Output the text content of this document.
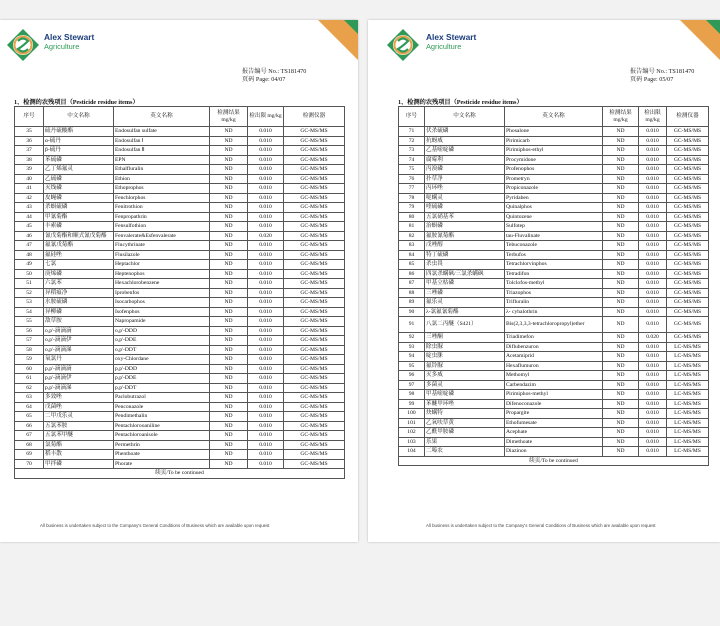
Alex Stewart
Agriculture
报告编号 No.: TS181470
页码 Page: 04/07
1、检测的农残项目（Pesticide residue items）
序号	中文名称	英文名称	检测结果 mg/kg	检出限 mg/kg	检测仪器
35	硫丹硫酸酯	Endosulfan sulfate	ND	0.010	GC-MS/MS
36	α-硫丹	Endosulfan Ⅰ	ND	0.010	GC-MS/MS
37	β-硫丹	Endosulfan Ⅱ	ND	0.010	GC-MS/MS
38	苯硫磷	EPN	ND	0.010	GC-MS/MS
39	乙丁烯氟灵	Ethalfluralin	ND	0.010	GC-MS/MS
40	乙硫磷	Ethion	ND	0.010	GC-MS/MS
41	灭线磷	Ethoprophos	ND	0.010	GC-MS/MS
42	皮蝇磷	Fenchlorphos	ND	0.010	GC-MS/MS
43	杀螟硫磷	Fenitrothion	ND	0.010	GC-MS/MS
44	甲氰菊酯	Fenpropathrin	ND	0.010	GC-MS/MS
45	丰索磷	Fensulfothion	ND	0.010	GC-MS/MS
46	氰戊菊酯和顺式氰戊菊酯	Fenvalerate&Esfenvalerate	ND	0.020	GC-MS/MS
47	氟氰戊菊酯	Flucythrinate	ND	0.010	GC-MS/MS
48	氟硅唑	Flusilazole	ND	0.010	GC-MS/MS
49	七氯	Heptachlor	ND	0.010	GC-MS/MS
50	庚烯磷	Heptenophos	ND	0.010	GC-MS/MS
51	六氯苯	Hexachlorobenzene	ND	0.010	GC-MS/MS
52	异稻瘟净	Iprobenfos	ND	0.010	GC-MS/MS
53	水胺硫磷	Isocarbophos	ND	0.010	GC-MS/MS
54	异柳磷	Isofenphos	ND	0.010	GC-MS/MS
55	敌草胺	Napropamide	ND	0.010	GC-MS/MS
56	o,p'-滴滴滴	o,p'-DDD	ND	0.010	GC-MS/MS
57	o,p'-滴滴伊	o,p'-DDE	ND	0.010	GC-MS/MS
58	o,p'-滴滴涕	o,p'-DDT	ND	0.010	GC-MS/MS
59	氧氯丹	oxy-Chlordane	ND	0.010	GC-MS/MS
60	p,p'-滴滴滴	p,p'-DDD	ND	0.010	GC-MS/MS
61	p,p'-滴滴伊	p,p'-DDE	ND	0.010	GC-MS/MS
62	p,p'-滴滴涕	p,p'-DDT	ND	0.010	GC-MS/MS
63	多效唑	Paclobutrazol	ND	0.010	GC-MS/MS
64	戊菌唑	Penconazole	ND	0.010	GC-MS/MS
65	二甲戊乐灵	Pendimethalin	ND	0.010	GC-MS/MS
66	五氯苯胺	Pentachlorooaniline	ND	0.010	GC-MS/MS
67	五氯苯甲醚	Pentachloroanisole	ND	0.010	GC-MS/MS
68	氯菊酯	Permethrin	ND	0.010	GC-MS/MS
69	稻丰散	Phenthoate	ND	0.010	GC-MS/MS
70	甲拌磷	Phorate	ND	0.010	GC-MS/MS
续页/To be continued					
All business is undertaken subject to the Company's General Conditions of Business which are available upon request
Alex Stewart
Agriculture
报告编号 No.: TS181470
页码 Page: 05/07
1、检测的农残项目（Pesticide residue items）
序号	中文名称	英文名称	检测结果 mg/kg	检出限 mg/kg	检测仪器
71	伏杀硫磷	Phosalone	ND	0.010	GC-MS/MS
72	抗蚜威	Pirimicarb	ND	0.010	GC-MS/MS
73	乙基嘧啶磷	Pirimiphos-ethyl	ND	0.010	GC-MS/MS
74	腐霉利	Procymidone	ND	0.010	GC-MS/MS
75	丙溴磷	Profenophos	ND	0.010	GC-MS/MS
76	扑草净	Prometryn	ND	0.010	GC-MS/MS
77	丙环唑	Propiconazole	ND	0.010	GC-MS/MS
78	哒螨灵	Pyridaben	ND	0.010	GC-MS/MS
79	喹硫磷	Quinalphos	ND	0.010	GC-MS/MS
80	五氯硝基苯	Quintozene	ND	0.010	GC-MS/MS
81	治螟磷	Sulfotep	ND	0.010	GC-MS/MS
82	氟胺氰菊酯	tau-Fluvalinate	ND	0.010	GC-MS/MS
83	戊唑醇	Tebuconazole	ND	0.010	GC-MS/MS
84	特丁硫磷	Terbufos	ND	0.010	GC-MS/MS
85	杀虫畏	Tetrachlorvinphos	ND	0.010	GC-MS/MS
86	四氯杀螨砜/三氯杀螨砜	Tetradifon	ND	0.010	GC-MS/MS
87	甲基立枯磷	Tolclofos-methyl	ND	0.010	GC-MS/MS
88	三唑磷	Triazophos	ND	0.010	GC-MS/MS
89	氟乐灵	Trifluralin	ND	0.010	GC-MS/MS
90	λ-氯氟氰菊酯	λ- cyhalothrin	ND	0.010	GC-MS/MS
91	八氯二丙醚（S421）	Bis(2,3,3,3-tetrachloropropyl)ether	ND	0.010	GC-MS/MS
92	三唑酮	Triadimefon	ND	0.020	GC-MS/MS
93	除虫脲	Diflubenzuron	ND	0.010	LC-MS/MS
94	啶虫脒	Acetamiprid	ND	0.010	LC-MS/MS
95	氟铃脲	Hexaflumuron	ND	0.010	LC-MS/MS
96	灭多威	Methomyl	ND	0.010	LC-MS/MS
97	多菌灵	Carbendazim	ND	0.010	LC-MS/MS
98	甲基嘧啶磷	Pirimiphos-methyl	ND	0.010	LC-MS/MS
99	苯醚甲环唑	Difenoconazole	ND	0.010	LC-MS/MS
100	炔螨特	Propargite	ND	0.010	LC-MS/MS
101	乙氧呋草黄	Ethofumesate	ND	0.010	LC-MS/MS
102	乙酰甲胺磷	Acephate	ND	0.010	LC-MS/MS
103	乐果	Dimethoate	ND	0.010	LC-MS/MS
104	二嗪农	Diazinon	ND	0.010	LC-MS/MS
续页/To be continued					
All business is undertaken subject to the Company's General Conditions of Business which are available upon request
